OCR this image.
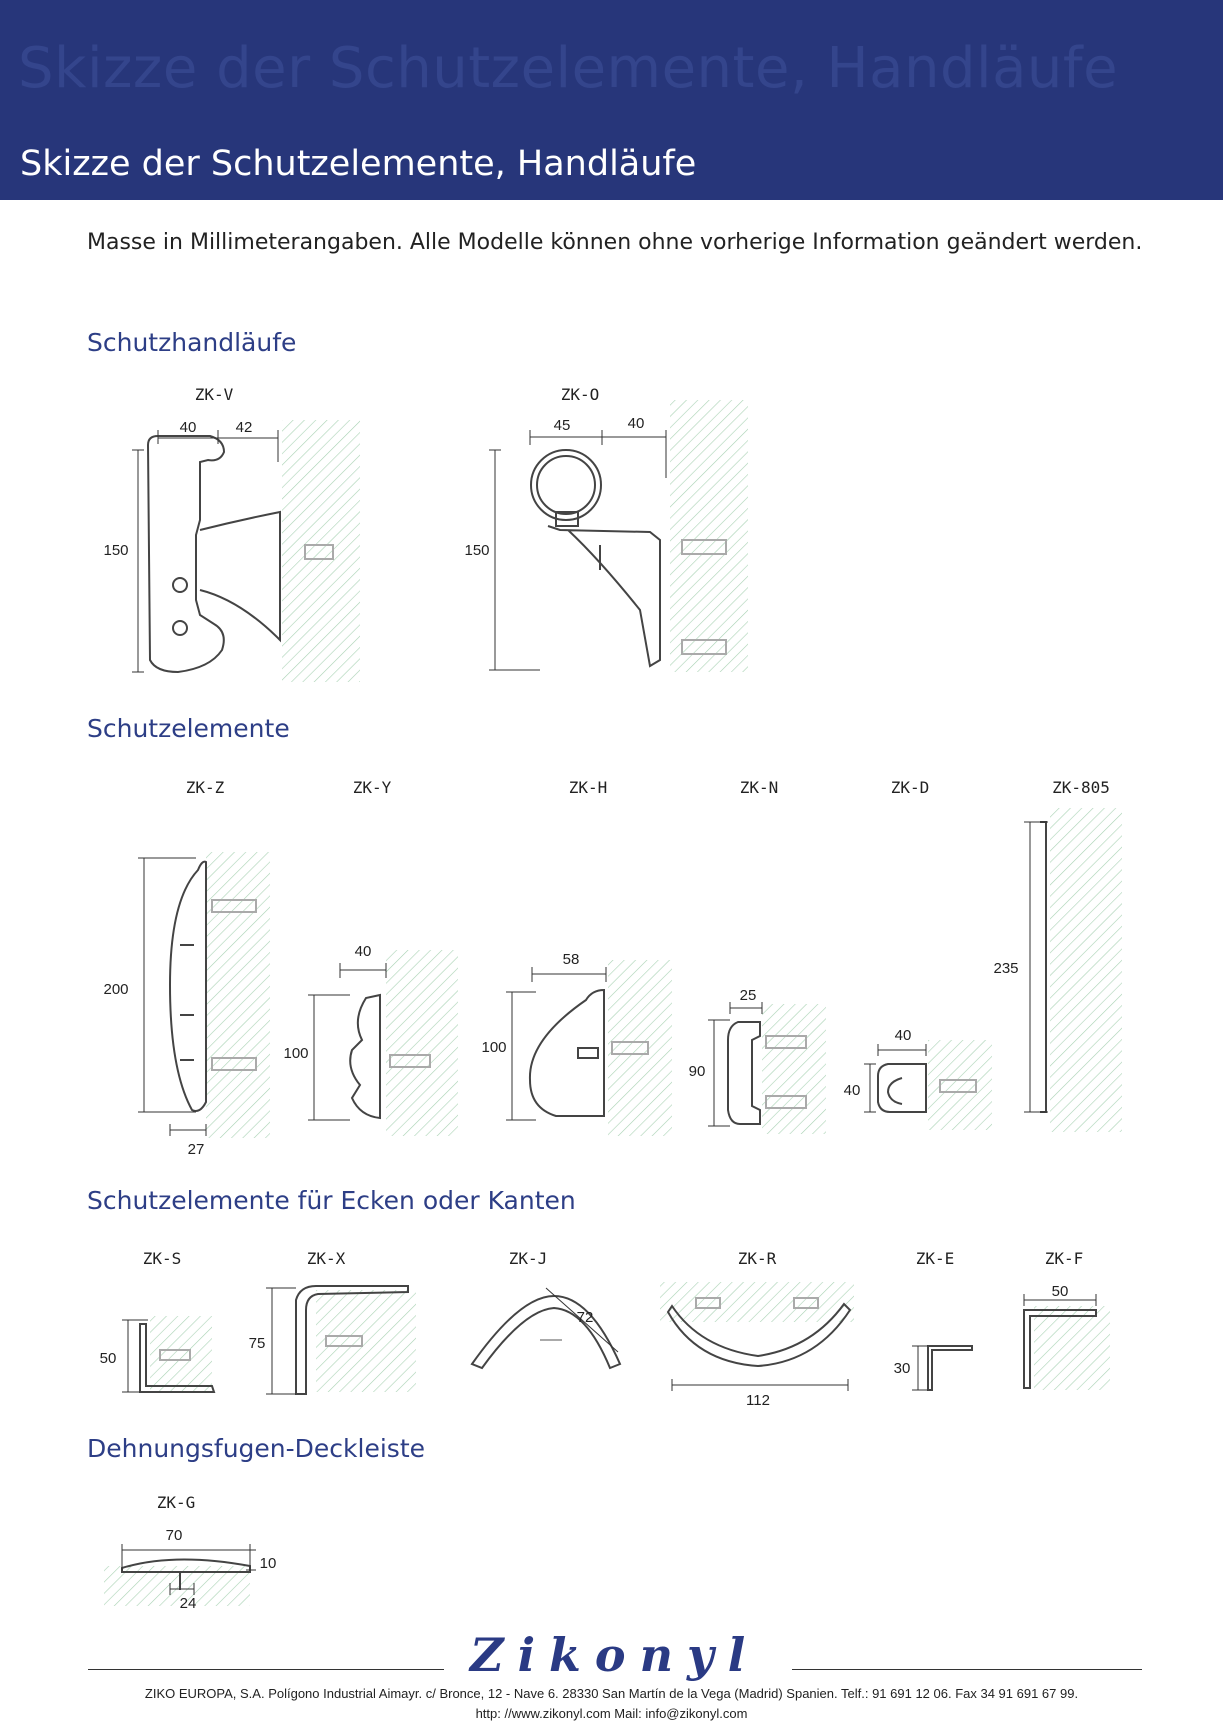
Skizze der Schutzelemente, Handläufe
Skizze der Schutzelemente, Handläufe
Masse in Millimeterangaben. Alle Modelle können ohne vorherige Information geändert werden.
Schutzhandläufe
Schutzelemente
Schutzelemente für Ecken oder Kanten
Dehnungsfugen-Deckleiste
ZK-V	ZK-O
ZK-Z	ZK-Y	ZK-H	ZK-N	ZK-D	ZK-805
ZK-S	ZK-X	ZK-J	ZK-R	ZK-E	ZK-F
ZK-G
40	42
150
45	40
150
200
27
40
100
58
100
25
90
40
40
235
50
75
72
112
30
50
70
10
24
Zikonyl
ZIKO EUROPA, S.A. Polígono Industrial Aimayr. c/ Bronce, 12 - Nave 6. 28330 San Martín de la Vega (Madrid) Spanien. Telf.: 91 691 12 06. Fax 34 91 691 67 99.
http: //www.zikonyl.com Mail: info@zikonyl.com
